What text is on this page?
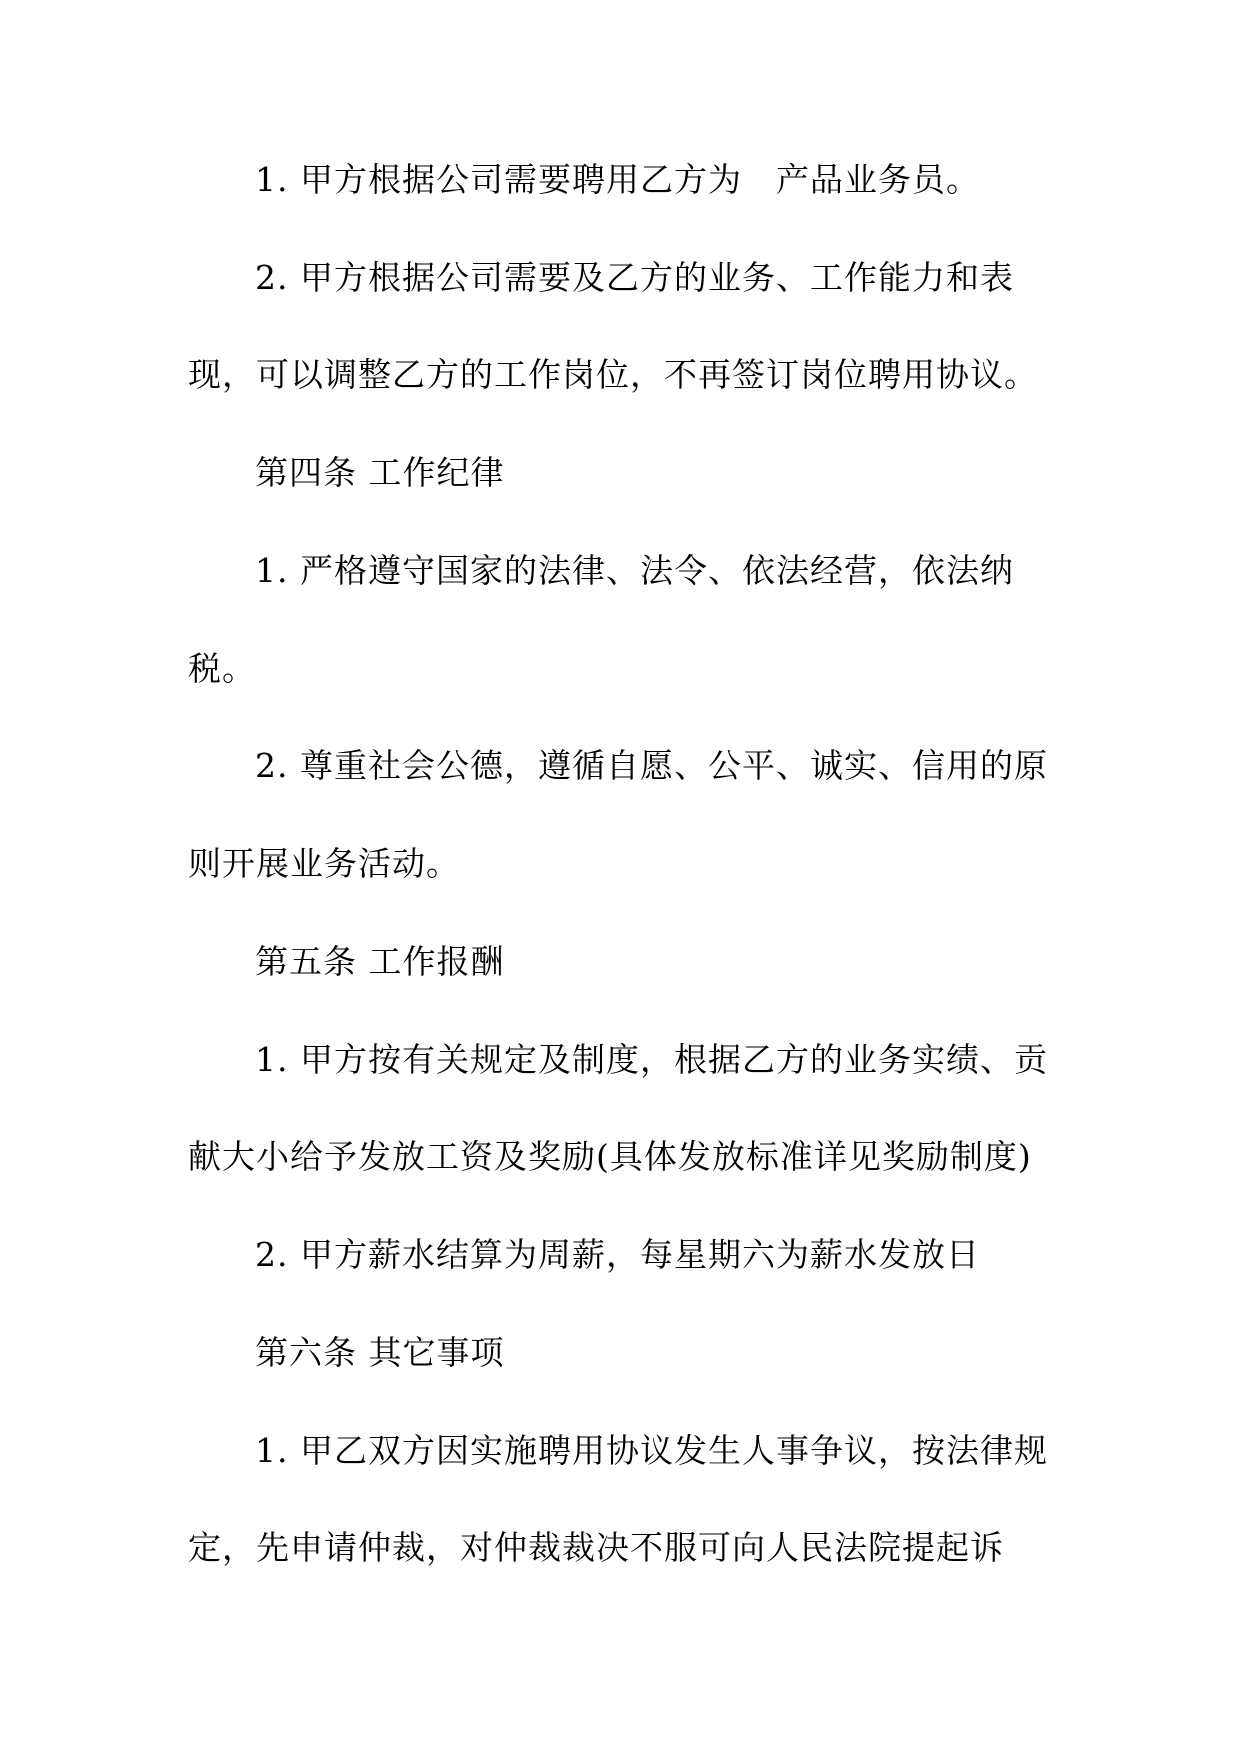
1. 甲方根据公司需要聘用乙方为　产品业务员。
2. 甲方根据公司需要及乙方的业务、工作能力和表
现，可以调整乙方的工作岗位，不再签订岗位聘用协议。
第四条 工作纪律
1. 严格遵守国家的法律、法令、依法经营，依法纳
税。
2. 尊重社会公德，遵循自愿、公平、诚实、信用的原
则开展业务活动。
第五条 工作报酬
1. 甲方按有关规定及制度，根据乙方的业务实绩、贡
献大小给予发放工资及奖励(具体发放标准详见奖励制度)
2. 甲方薪水结算为周薪，每星期六为薪水发放日
第六条 其它事项
1. 甲乙双方因实施聘用协议发生人事争议，按法律规
定，先申请仲裁，对仲裁裁决不服可向人民法院提起诉
